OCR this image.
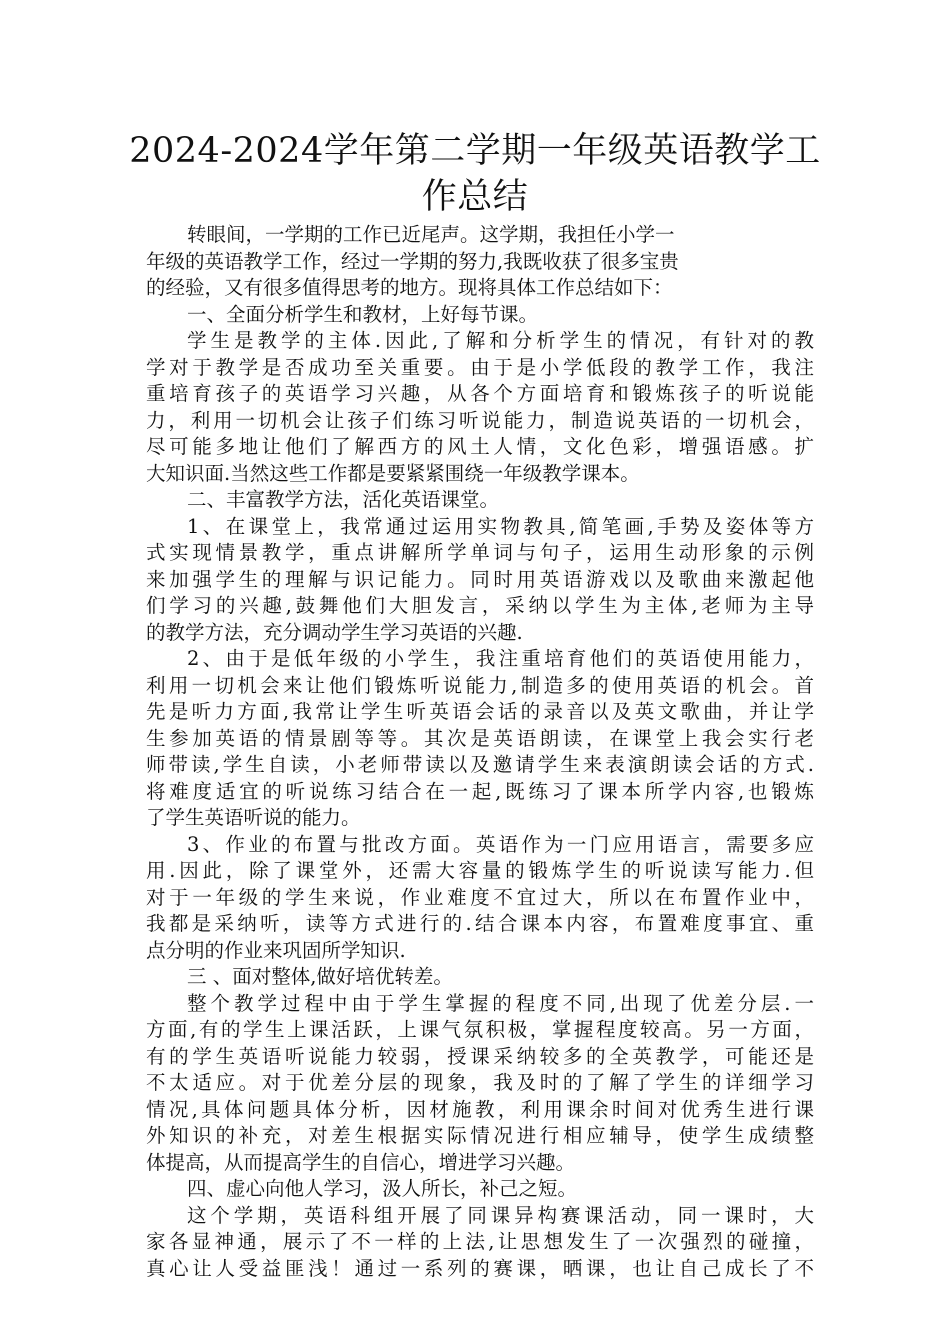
2024-2024学年第二学期一年级英语教学工
作总结
转眼间，一学期的工作已近尾声。这学期，我担任小学一
年级的英语教学工作，经过一学期的努力,我既收获了很多宝贵
的经验，又有很多值得思考的地方。现将具体工作总结如下：
一、全面分析学生和教材，上好每节课。
学生是教学的主体.因此,了解和分析学生的情况，有针对的教
学对于教学是否成功至关重要。由于是小学低段的教学工作，我注
重培育孩子的英语学习兴趣，从各个方面培育和锻炼孩子的听说能
力，利用一切机会让孩子们练习听说能力，制造说英语的一切机会，
尽可能多地让他们了解西方的风土人情，文化色彩，增强语感。扩
大知识面.当然这些工作都是要紧紧围绕一年级教学课本。
二、丰富教学方法，活化英语课堂。
1、在课堂上，我常通过运用实物教具,简笔画,手势及姿体等方
式实现情景教学，重点讲解所学单词与句子，运用生动形象的示例
来加强学生的理解与识记能力。同时用英语游戏以及歌曲来激起他
们学习的兴趣,鼓舞他们大胆发言，采纳以学生为主体,老师为主导
的教学方法，充分调动学生学习英语的兴趣.
2、由于是低年级的小学生，我注重培育他们的英语使用能力，
利用一切机会来让他们锻炼听说能力,制造多的使用英语的机会。首
先是听力方面,我常让学生听英语会话的录音以及英文歌曲，并让学
生参加英语的情景剧等等。其次是英语朗读，在课堂上我会实行老
师带读,学生自读，小老师带读以及邀请学生来表演朗读会话的方式.
将难度适宜的听说练习结合在一起,既练习了课本所学内容,也锻炼
了学生英语听说的能力。
3、作业的布置与批改方面。英语作为一门应用语言，需要多应
用.因此，除了课堂外，还需大容量的锻炼学生的听说读写能力.但
对于一年级的学生来说，作业难度不宜过大，所以在布置作业中，
我都是采纳听，读等方式进行的.结合课本内容，布置难度事宜、重
点分明的作业来巩固所学知识.
三 、面对整体,做好培优转差。
整个教学过程中由于学生掌握的程度不同,出现了优差分层.一
方面,有的学生上课活跃，上课气氛积极，掌握程度较高。另一方面，
有的学生英语听说能力较弱，授课采纳较多的全英教学，可能还是
不太适应。对于优差分层的现象，我及时的了解了学生的详细学习
情况,具体问题具体分析，因材施教，利用课余时间对优秀生进行课
外知识的补充，对差生根据实际情况进行相应辅导，使学生成绩整
体提高，从而提高学生的自信心，增进学习兴趣。
四、虚心向他人学习，汲人所长，补己之短。
这个学期，英语科组开展了同课异构赛课活动，同一课时，大
家各显神通，展示了不一样的上法,让思想发生了一次强烈的碰撞，
真心让人受益匪浅！通过一系列的赛课，晒课，也让自己成长了不
